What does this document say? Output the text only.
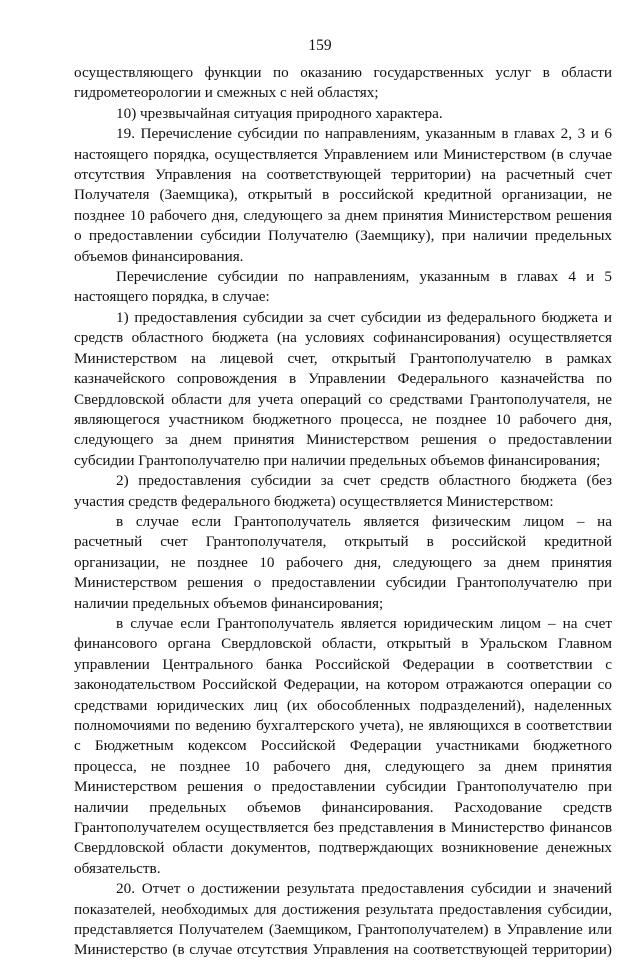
159

осуществляющего функции по оказанию государственных услуг в области гидрометеорологии и смежных с ней областях;

10) чрезвычайная ситуация природного характера.

19. Перечисление субсидии по направлениям, указанным в главах 2, 3 и 6 настоящего порядка, осуществляется Управлением или Министерством (в случае отсутствия Управления на соответствующей территории) на расчетный счет Получателя (Заемщика), открытый в российской кредитной организации, не позднее 10 рабочего дня, следующего за днем принятия Министерством решения о предоставлении субсидии Получателю (Заемщику), при наличии предельных объемов финансирования.

Перечисление субсидии по направлениям, указанным в главах 4 и 5 настоящего порядка, в случае:

1) предоставления субсидии за счет субсидии из федерального бюджета и средств областного бюджета (на условиях софинансирования) осуществляется Министерством на лицевой счет, открытый Грантополучателю в рамках казначейского сопровождения в Управлении Федерального казначейства по Свердловской области для учета операций со средствами Грантополучателя, не являющегося участником бюджетного процесса, не позднее 10 рабочего дня, следующего за днем принятия Министерством решения о предоставлении субсидии Грантополучателю при наличии предельных объемов финансирования;

2) предоставления субсидии за счет средств областного бюджета (без участия средств федерального бюджета) осуществляется Министерством:

в случае если Грантополучатель является физическим лицом – на расчетный счет Грантополучателя, открытый в российской кредитной организации, не позднее 10 рабочего дня, следующего за днем принятия Министерством решения о предоставлении субсидии Грантополучателю при наличии предельных объемов финансирования;

в случае если Грантополучатель является юридическим лицом – на счет финансового органа Свердловской области, открытый в Уральском Главном управлении Центрального банка Российской Федерации в соответствии с законодательством Российской Федерации, на котором отражаются операции со средствами юридических лиц (их обособленных подразделений), наделенных полномочиями по ведению бухгалтерского учета), не являющихся в соответствии с Бюджетным кодексом Российской Федерации участниками бюджетного процесса, не позднее 10 рабочего дня, следующего за днем принятия Министерством решения о предоставлении субсидии Грантополучателю при наличии предельных объемов финансирования. Расходование средств Грантополучателем осуществляется без представления в Министерство финансов Свердловской области документов, подтверждающих возникновение денежных обязательств.

20. Отчет о достижении результата предоставления субсидии и значений показателей, необходимых для достижения результата предоставления субсидии, представляется Получателем (Заемщиком, Грантополучателем) в Управление или Министерство (в случае отсутствия Управления на соответствующей территории)
